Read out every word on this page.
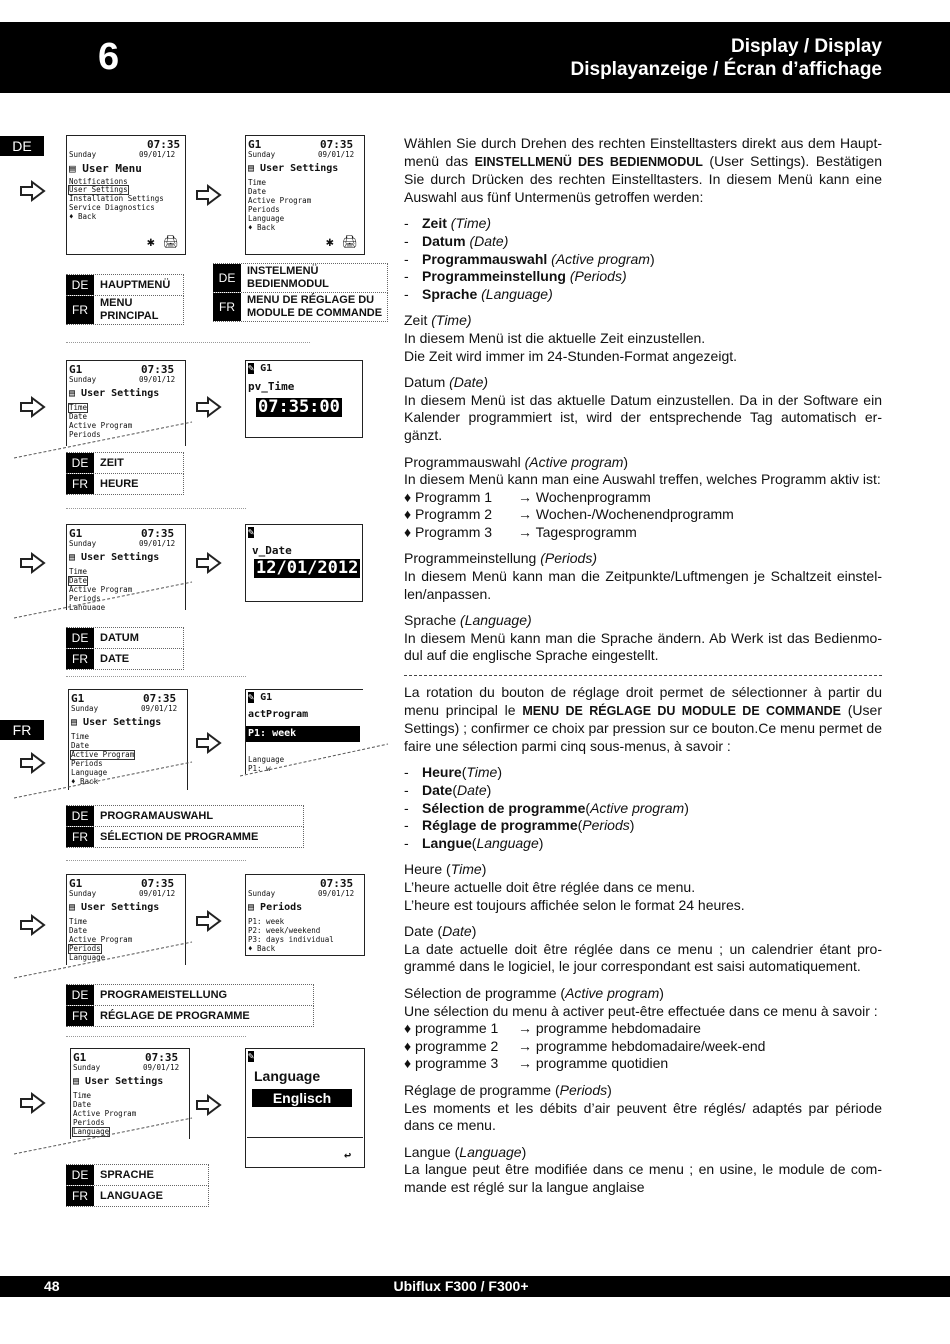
6	Display / Display
Displayanzeige / Écran d’affichage
DE
FR
07:35
Sunday	09/01/12
▤ User Menu
Notifications
User Settings
Installation Settings
Service Diagnostics
♦ Back
✱ 🖨
G1	07:35
Sunday	09/01/12
▤ User Settings
Time
Date
Active Program
Periods
Language
♦ Back
✱ 🖨
DE	HAUPTMENÜ
FR	MENU PRINCIPAL
DE	INSTELMENÜ BEDIENMODUL
FR	MENU DE RÉGLAGE DU MODULE DE COMMANDE
G1	07:35
Sunday	09/01/12
▤ User Settings
Time
Date
Active Program
Periods
✎ G1
pv_Time
07:35:00
DE	ZEIT
FR	HEURE
G1	07:35
Sunday	09/01/12
▤ User Settings
Time
Date
Active Program
Periods
Language
✎
v_Date
12/01/2012
DE	DATUM
FR	DATE
G1	07:35
Sunday	09/01/12
▤ User Settings
Time
Date
Active Program
Periods
Language
♦ Back
✎ G1
actProgram
P1: week
Language
P1: w
DE	PROGRAMAUSWAHL
FR	SÉLECTION DE PROGRAMME
G1	07:35
Sunday	09/01/12
▤ User Settings
Time
Date
Active Program
Periods
Language
07:35
Sunday	09/01/12
▤ Periods
P1: week
P2: week/weekend
P3: days individual
♦ Back
DE	PROGRAMEISTELLUNG
FR	RÉGLAGE DE PROGRAMME
G1	07:35
Sunday	09/01/12
▤ User Settings
Time
Date
Active Program
Periods
Language
✎
Language
Englisch
↩
DE	SPRACHE
FR	LANGUAGE

Wählen Sie durch Drehen des rechten Einstelltasters direkt aus dem Haupt-menü das EINSTELLMENÜ DES BEDIENMODUL (User Settings). Bestätigen Sie durch Drücken des rechten Einstelltasters. In diesem Menü kann eine Auswahl aus fünf Untermenüs getroffen werden:

- Zeit
(Time)
- Datum
(Date)
- Programmauswahl
(Active program )
- Programmeinstellung
(Periods)
- Sprache
(Language)

Zeit (Time)

In diesem Menü ist die aktuelle Zeit einzustellen.

Die Zeit wird immer im 24-Stunden-Format angezeigt.

Datum (Date)

In diesem Menü ist das aktuelle Datum einzustellen. Da in der Software ein Kalender programmiert ist, wird der entsprechende Tag automatisch er-gänzt.

Programmauswahl (Active program)

In diesem Menü kann man eine Auswahl treffen, welches Programm aktiv ist:

♦ Programm 1	→ Wochenprogramm
♦ Programm 2	→ Wochen-/Wochenendprogramm
♦ Programm 3	→ Tagesprogramm

Programmeinstellung (Periods)

In diesem Menü kann man die Zeitpunkte/Luftmengen je Schaltzeit einstel-len/anpassen.

Sprache (Language)

In diesem Menü kann man die Sprache ändern. Ab Werk ist das Bedienmo-dul auf die englische Sprache eingestellt.

La rotation du bouton de réglage droit permet de sélectionner à partir du menu principal le MENU DE RÉGLAGE DU MODULE DE COMMANDE (User Settings) ; confirmer ce choix par pression sur ce bouton.Ce menu permet de faire une sélection parmi cinq sous-menus, à savoir :

- Heure ( Time )
- Date ( Date )
- Sélection de programme ( Active program )
- Réglage de programme ( Periods )
- Langue ( Language )

Heure (Time)

L’heure actuelle doit être réglée dans ce menu.

L’heure est toujours affichée selon le format 24 heures.

Date (Date)

La date actuelle doit être réglée dans ce menu ; un calendrier étant pro-grammé dans le logiciel, le jour correspondant est saisi automatiquement.

Sélection de programme (Active program)

Une sélection du menu à activer peut-être effectuée dans ce menu à savoir :

♦ programme 1	→ programme hebdomadaire
♦ programme 2	→ programme hebdomadaire/week-end
♦ programme 3	→ programme quotidien

Réglage de programme (Periods)

Les moments et les débits d’air peuvent être réglés/ adaptés par période dans ce menu.

Langue (Language)

La langue peut être modifiée dans ce menu ; en usine, le module de com-mande est réglé sur la langue anglaise

48	Ubiflux F300 / F300+
